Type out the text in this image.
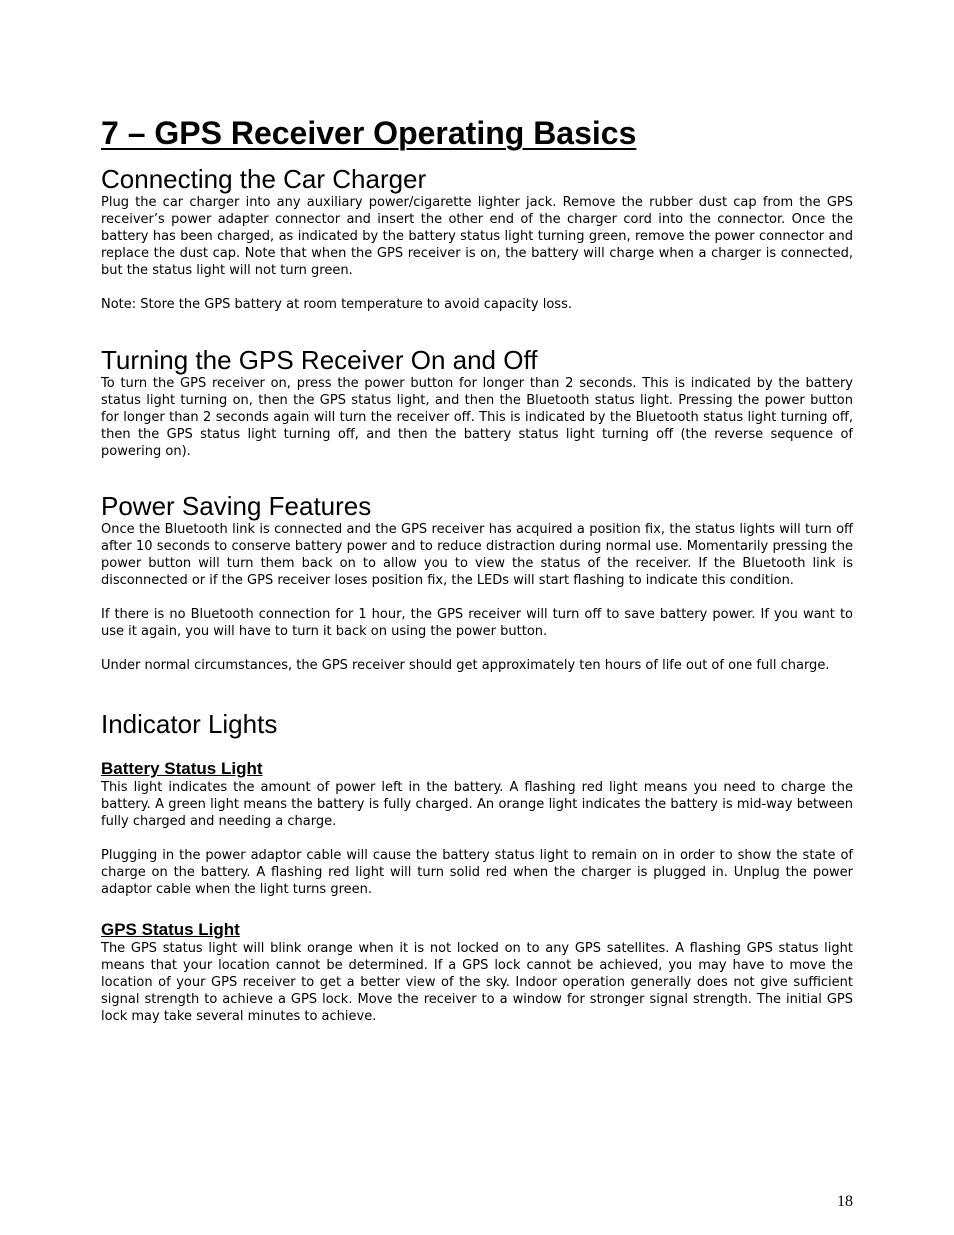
7 – GPS Receiver Operating Basics
Connecting the Car Charger

Plug the car charger into any auxiliary power/cigarette lighter jack. Remove the rubber dust cap from the GPS receiver’s power adapter connector and insert the other end of the charger cord into the connector. Once the battery has been charged, as indicated by the battery status light turning green, remove the power connector and replace the dust cap. Note that when the GPS receiver is on, the battery will charge when a charger is connected, but the status light will not turn green.

Note: Store the GPS battery at room temperature to avoid capacity loss.

Turning the GPS Receiver On and Off

To turn the GPS receiver on, press the power button for longer than 2 seconds. This is indicated by the battery status light turning on, then the GPS status light, and then the Bluetooth status light. Pressing the power button for longer than 2 seconds again will turn the receiver off. This is indicated by the Bluetooth status light turning off, then the GPS status light turning off, and then the battery status light turning off (the reverse sequence of powering on).

Power Saving Features

Once the Bluetooth link is connected and the GPS receiver has acquired a position fix, the status lights will turn off after 10 seconds to conserve battery power and to reduce distraction during normal use. Momentarily pressing the power button will turn them back on to allow you to view the status of the receiver. If the Bluetooth link is disconnected or if the GPS receiver loses position fix, the LEDs will start flashing to indicate this condition.

If there is no Bluetooth connection for 1 hour, the GPS receiver will turn off to save battery power. If you want to use it again, you will have to turn it back on using the power button.

Under normal circumstances, the GPS receiver should get approximately ten hours of life out of one full charge.

Indicator Lights
Battery Status Light

This light indicates the amount of power left in the battery. A flashing red light means you need to charge the battery. A green light means the battery is fully charged. An orange light indicates the battery is mid-way between fully charged and needing a charge.

Plugging in the power adaptor cable will cause the battery status light to remain on in order to show the state of charge on the battery. A flashing red light will turn solid red when the charger is plugged in. Unplug the power adaptor cable when the light turns green.

GPS Status Light

The GPS status light will blink orange when it is not locked on to any GPS satellites. A flashing GPS status light means that your location cannot be determined. If a GPS lock cannot be achieved, you may have to move the location of your GPS receiver to get a better view of the sky. Indoor operation generally does not give sufficient signal strength to achieve a GPS lock. Move the receiver to a window for stronger signal strength. The initial GPS lock may take several minutes to achieve.

18
